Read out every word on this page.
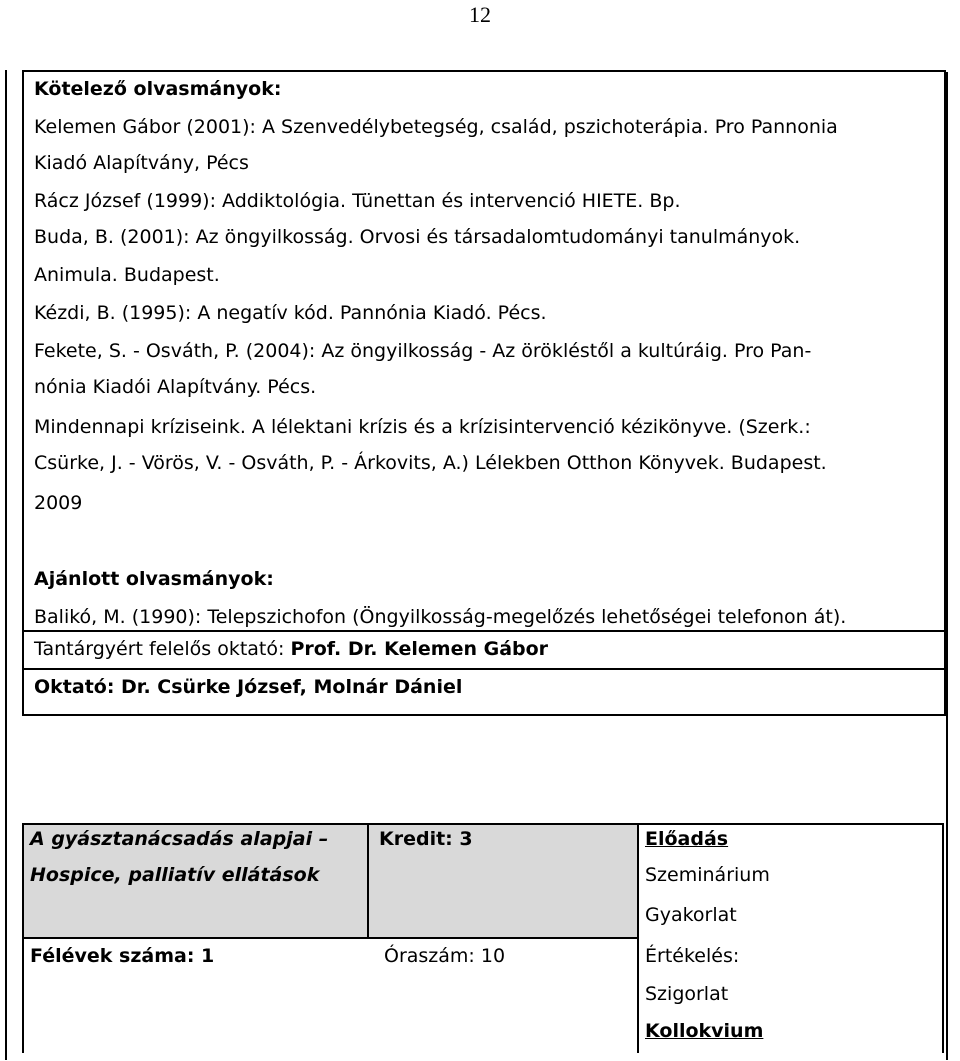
12
Kötelező olvasmányok:
Kelemen Gábor (2001): A Szenvedélybetegség, család, pszichoterápia. Pro Pannonia
Kiadó Alapítvány, Pécs
Rácz József (1999): Addiktológia. Tünettan és intervenció HIETE. Bp.
Buda, B. (2001): Az öngyilkosság. Orvosi és társadalomtudományi tanulmányok.
Animula. Budapest.
Kézdi, B. (1995): A negatív kód. Pannónia Kiadó. Pécs.
Fekete, S. - Osváth, P. (2004): Az öngyilkosság - Az örökléstől a kultúráig. Pro Pan-
nónia Kiadói Alapítvány. Pécs.
Mindennapi kríziseink. A lélektani krízis és a krízisintervenció kézikönyve. (Szerk.:
Csürke, J. - Vörös, V. - Osváth, P. - Árkovits, A.) Lélekben Otthon Könyvek. Budapest.
2009
Ajánlott olvasmányok:
Balikó, M. (1990): Telepszichofon (Öngyilkosság-megelőzés lehetőségei telefonon át).
Tantárgyért felelős oktató: Prof. Dr. Kelemen Gábor
Oktató: Dr. Csürke József, Molnár Dániel
A gyásztanácsadás alapjai –
Hospice, palliatív ellátások
Kredit: 3	Előadás
Szeminárium
Gyakorlat
Félévek száma: 1	Óraszám: 10	Értékelés:
Szigorlat
Kollokvium
